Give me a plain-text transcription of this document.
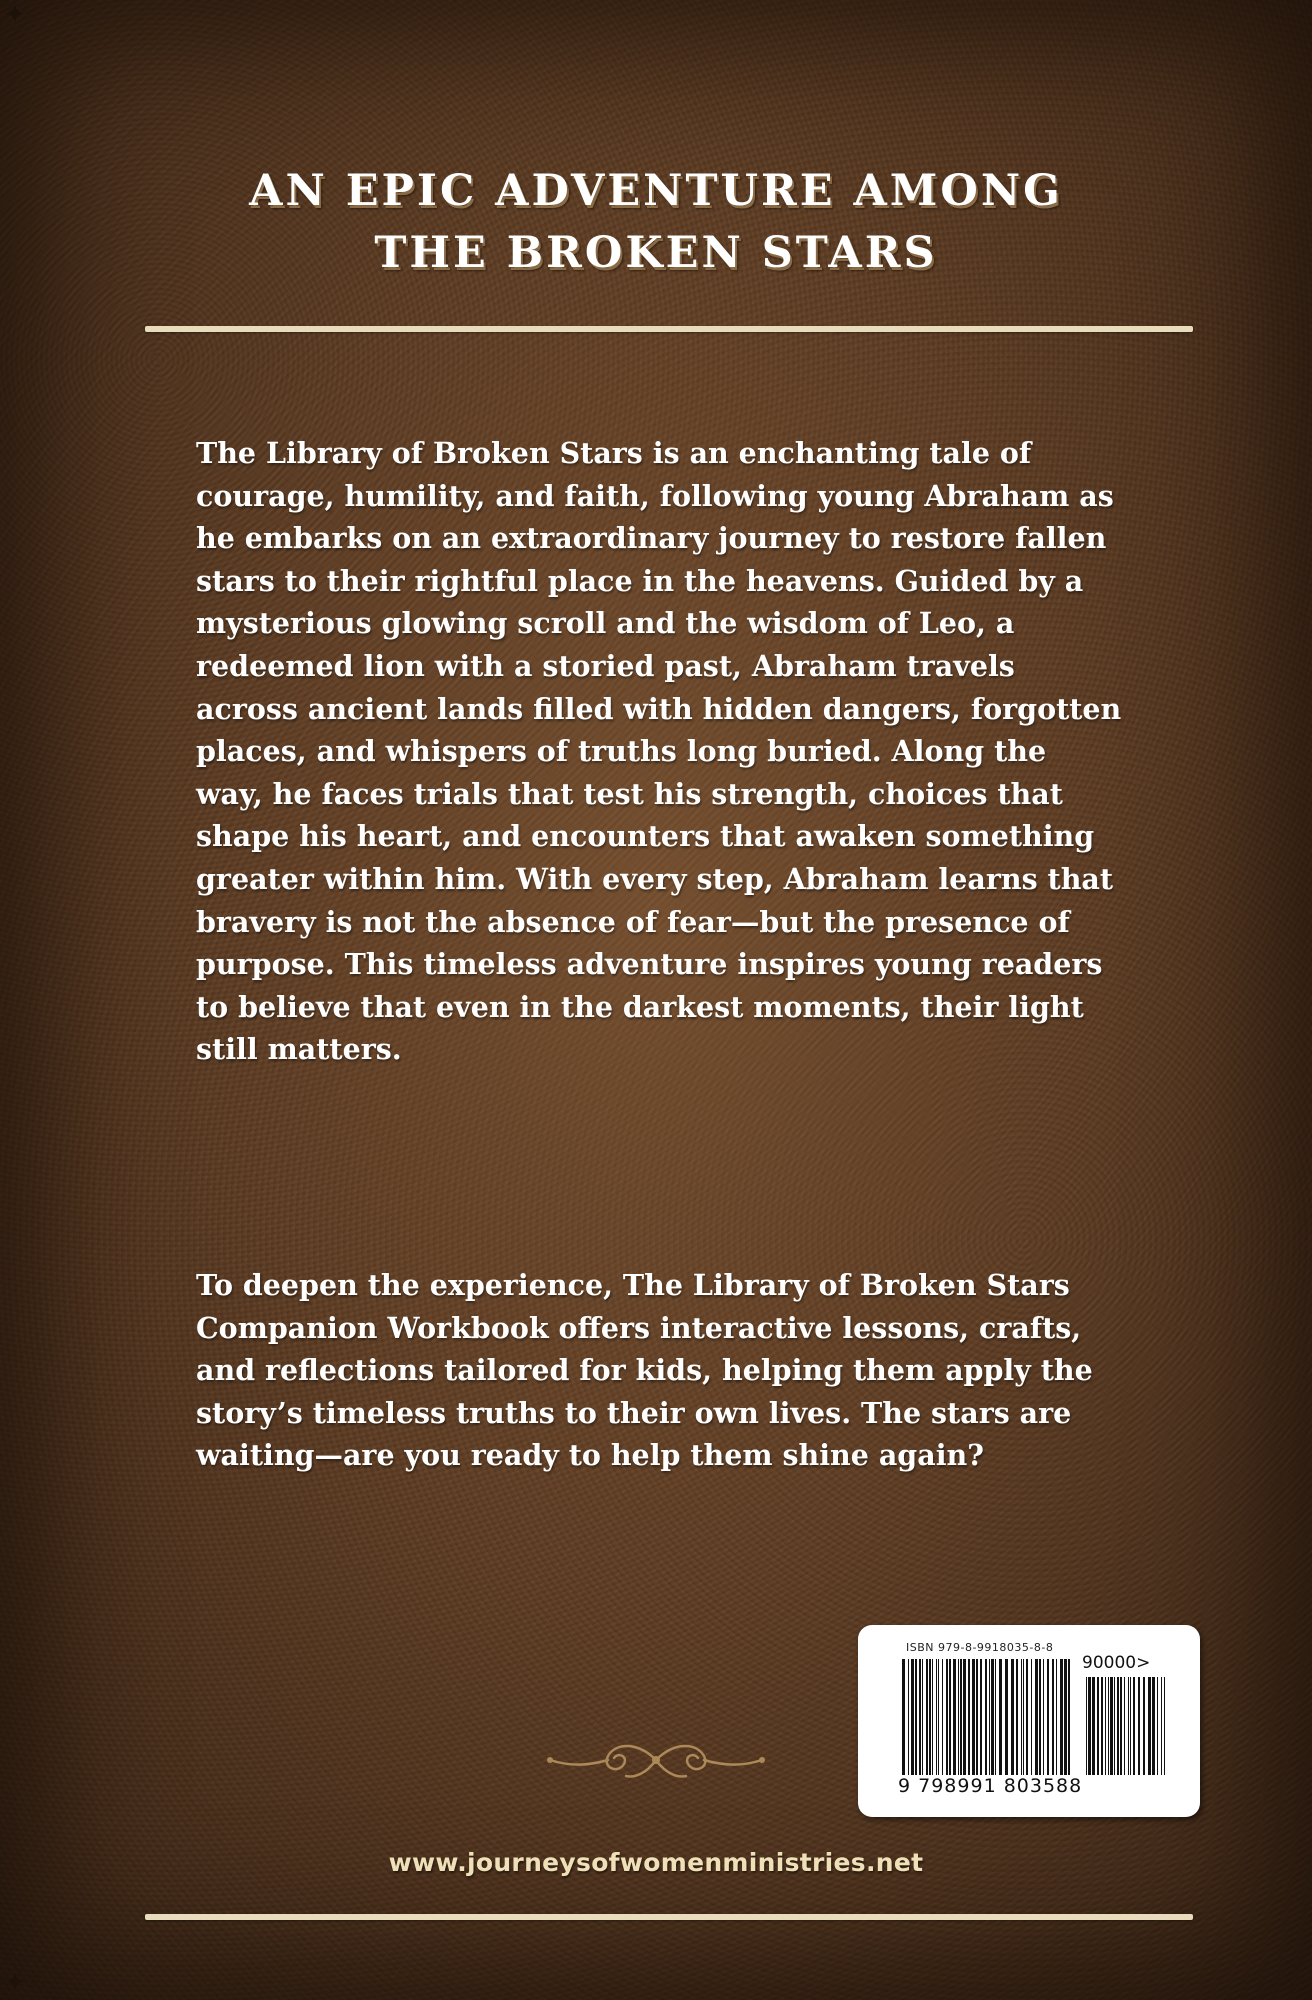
✦
✦
AN EPIC ADVENTURE AMONG
THE BROKEN STARS
The Library of Broken Stars is an enchanting tale of
courage, humility, and faith, following young Abraham as
he embarks on an extraordinary journey to restore fallen
stars to their rightful place in the heavens. Guided by a
mysterious glowing scroll and the wisdom of Leo, a
redeemed lion with a storied past, Abraham travels
across ancient lands filled with hidden dangers, forgotten
places, and whispers of truths long buried. Along the
way, he faces trials that test his strength, choices that
shape his heart, and encounters that awaken something
greater within him. With every step, Abraham learns that
bravery is not the absence of fear—but the presence of
purpose. This timeless adventure inspires young readers
to believe that even in the darkest moments, their light
still matters.
To deepen the experience, The Library of Broken Stars
Companion Workbook offers interactive lessons, crafts,
and reflections tailored for kids, helping them apply the
story’s timeless truths to their own lives. The stars are
waiting—are you ready to help them shine again?
ISBN 979-8-9918035-8-8
90000>
9 798991 803588
www.journeysofwomenministries.net
